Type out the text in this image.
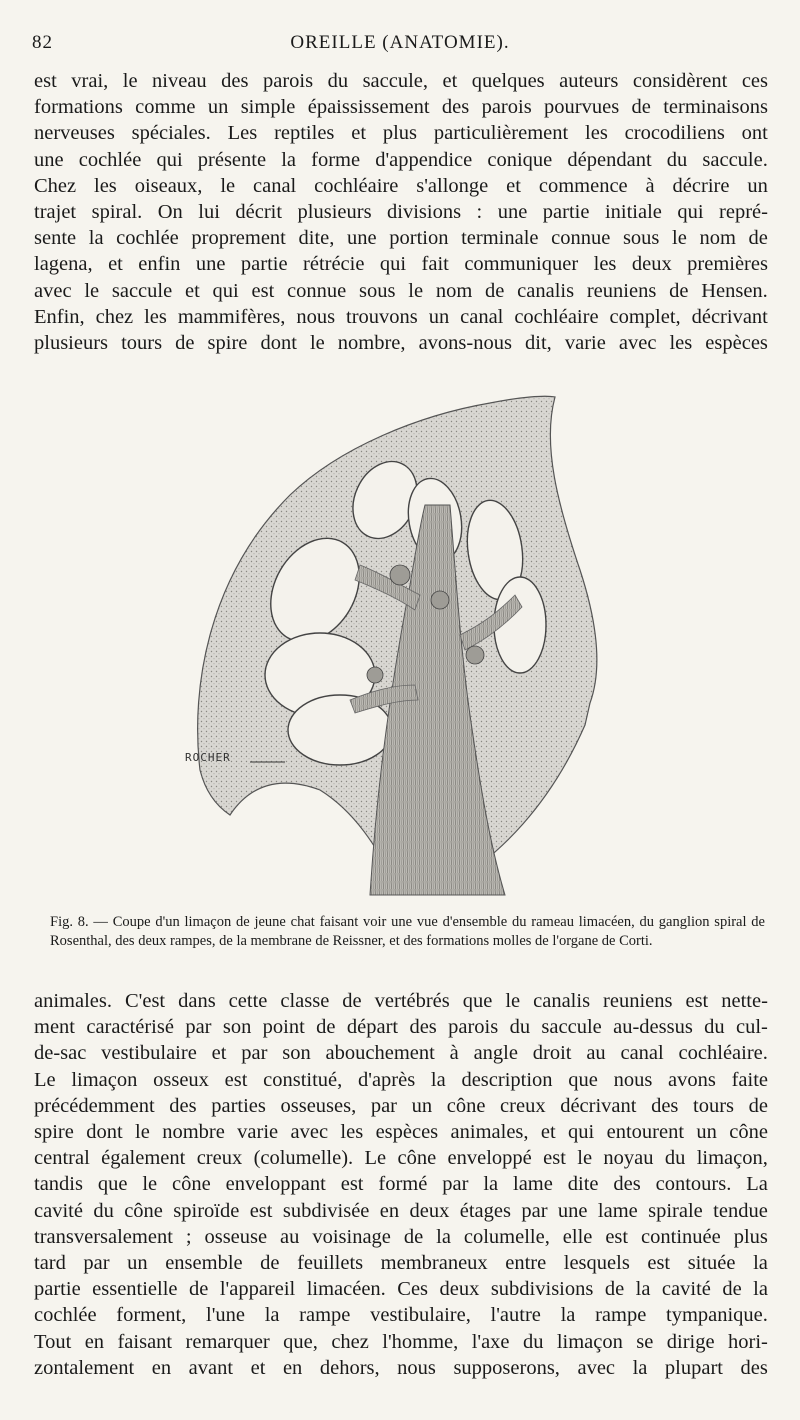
82	OREILLE (ANATOMIE).
est vrai, le niveau des parois du saccule, et quelques auteurs considèrent ces
formations comme un simple épaississement des parois pourvues de terminaisons
nerveuses spéciales. Les reptiles et plus particulièrement les crocodiliens ont
une cochlée qui présente la forme d'appendice conique dépendant du saccule.
Chez les oiseaux, le canal cochléaire s'allonge et commence à décrire un
trajet spiral. On lui décrit plusieurs divisions : une partie initiale qui repré-
sente la cochlée proprement dite, une portion terminale connue sous le nom de
lagena, et enfin une partie rétrécie qui fait communiquer les deux premières
avec le saccule et qui est connue sous le nom de canalis reuniens de Hensen.
Enfin, chez les mammifères, nous trouvons un canal cochléaire complet, décrivant
plusieurs tours de spire dont le nombre, avons-nous dit, varie avec les espèces
ROCHER
Fig. 8. — Coupe d'un limaçon de jeune chat faisant voir une vue d'ensemble du rameau limacéen, du ganglion spiral de Rosenthal, des deux rampes, de la membrane de Reissner, et des formations molles de l'organe de Corti.
animales. C'est dans cette classe de vertébrés que le canalis reuniens est nette-
ment caractérisé par son point de départ des parois du saccule au-dessus du cul-
de-sac vestibulaire et par son abouchement à angle droit au canal cochléaire.
Le limaçon osseux est constitué, d'après la description que nous avons faite
précédemment des parties osseuses, par un cône creux décrivant des tours de
spire dont le nombre varie avec les espèces animales, et qui entourent un cône
central également creux (columelle). Le cône enveloppé est le noyau du limaçon,
tandis que le cône enveloppant est formé par la lame dite des contours. La
cavité du cône spiroïde est subdivisée en deux étages par une lame spirale tendue
transversalement ; osseuse au voisinage de la columelle, elle est continuée plus
tard par un ensemble de feuillets membraneux entre lesquels est située la
partie essentielle de l'appareil limacéen. Ces deux subdivisions de la cavité de la
cochlée forment, l'une la rampe vestibulaire, l'autre la rampe tympanique.
Tout en faisant remarquer que, chez l'homme, l'axe du limaçon se dirige hori-
zontalement en avant et en dehors, nous supposerons, avec la plupart des
